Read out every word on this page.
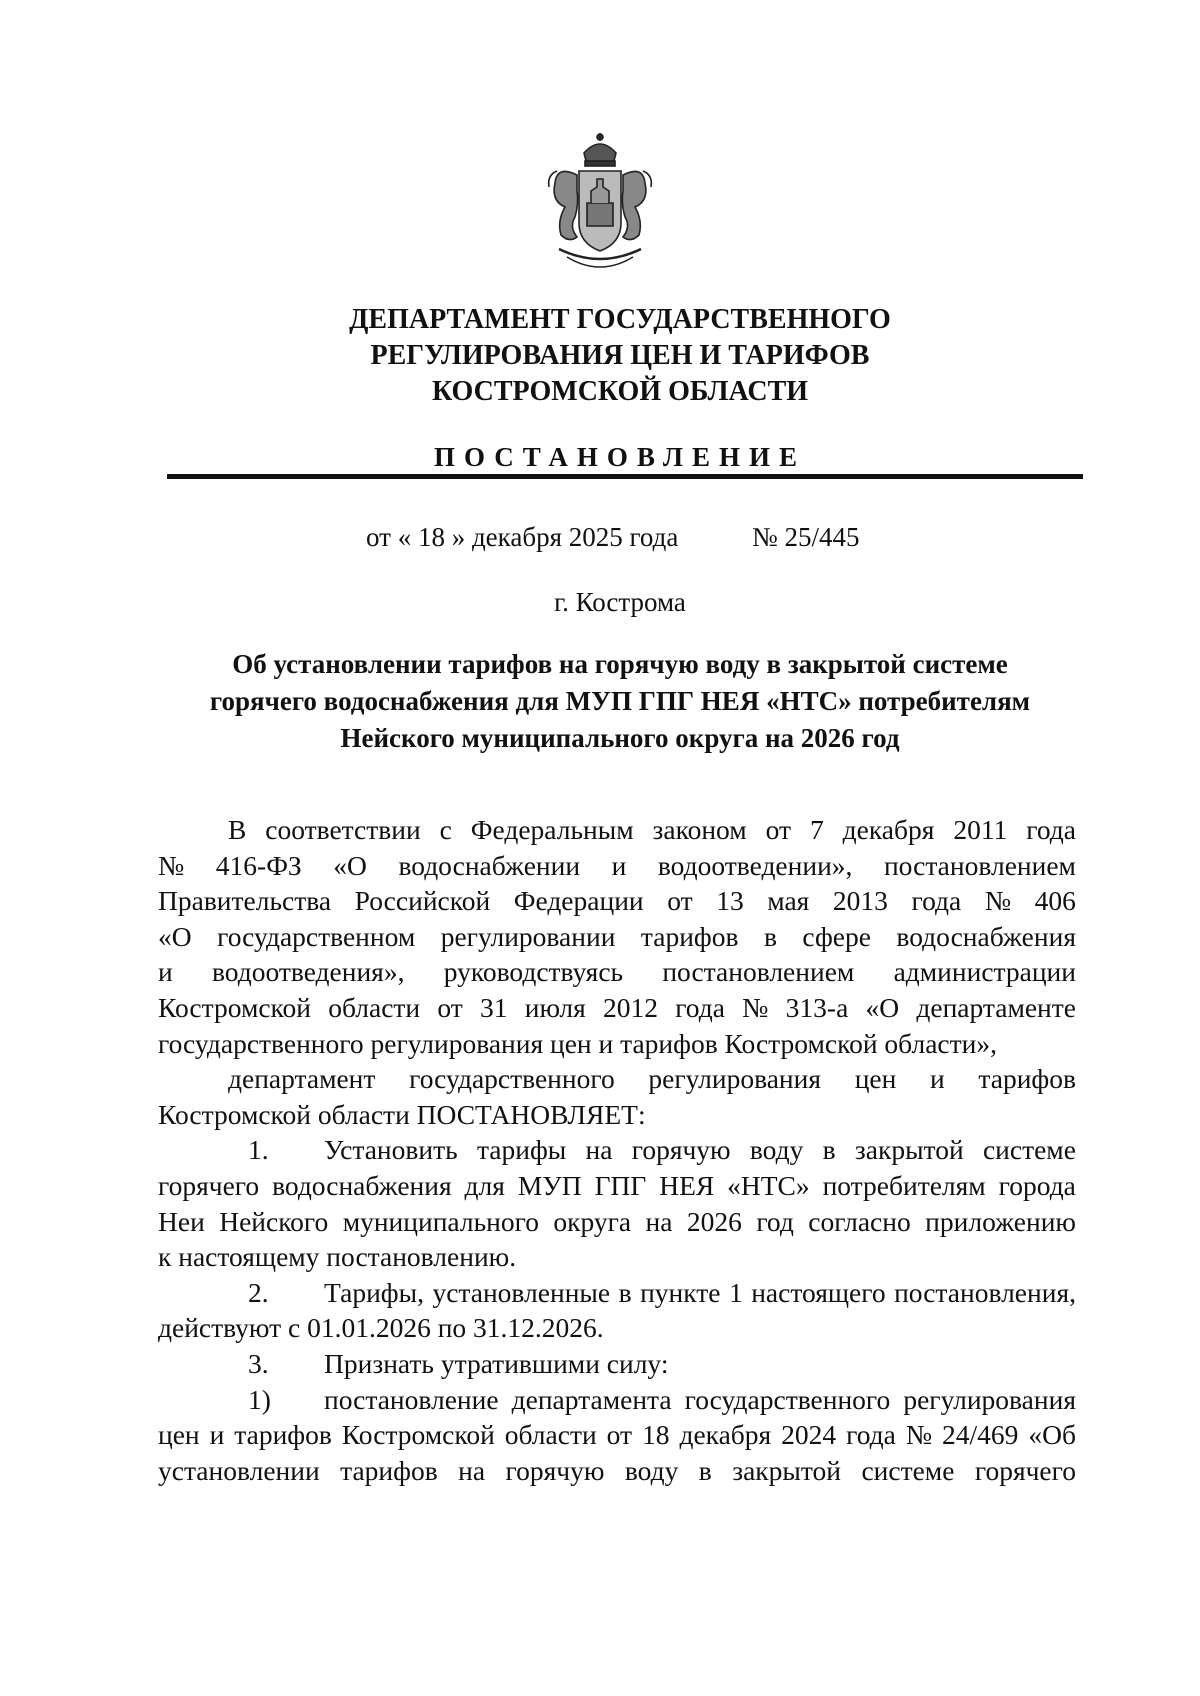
ДЕПАРТАМЕНТ ГОСУДАРСТВЕННОГО
РЕГУЛИРОВАНИЯ ЦЕН И ТАРИФОВ
КОСТРОМСКОЙ ОБЛАСТИ
ПОСТАНОВЛЕНИЕ
от « 18 » декабря 2025 года	№ 25/445
г. Кострома
Об установлении тарифов на горячую воду в закрытой системе
горячего водоснабжения для МУП ГПГ НЕЯ «НТС» потребителям
Нейского муниципального округа на 2026 год
В соответствии с Федеральным законом от 7 декабря 2011 года
№ 416-ФЗ «О водоснабжении и водоотведении», постановлением
Правительства Российской Федерации от 13 мая 2013 года № 406
«О государственном регулировании тарифов в сфере водоснабжения
и водоотведения», руководствуясь постановлением администрации
Костромской области от 31 июля 2012 года № 313-а «О департаменте
государственного регулирования цен и тарифов Костромской области»,
департамент государственного регулирования цен и тарифов
Костромской области ПОСТАНОВЛЯЕТ:
1.	Установить тарифы на горячую воду в закрытой системе
горячего водоснабжения для МУП ГПГ НЕЯ «НТС» потребителям города
Неи Нейского муниципального округа на 2026 год согласно приложению
к настоящему постановлению.
2.	Тарифы, установленные в пункте 1 настоящего постановления,
действуют с 01.01.2026 по 31.12.2026.
3.	Признать утратившими силу:
1)	постановление департамента государственного регулирования
цен и тарифов Костромской области от 18 декабря 2024 года № 24/469 «Об
установлении тарифов на горячую воду в закрытой системе горячего
